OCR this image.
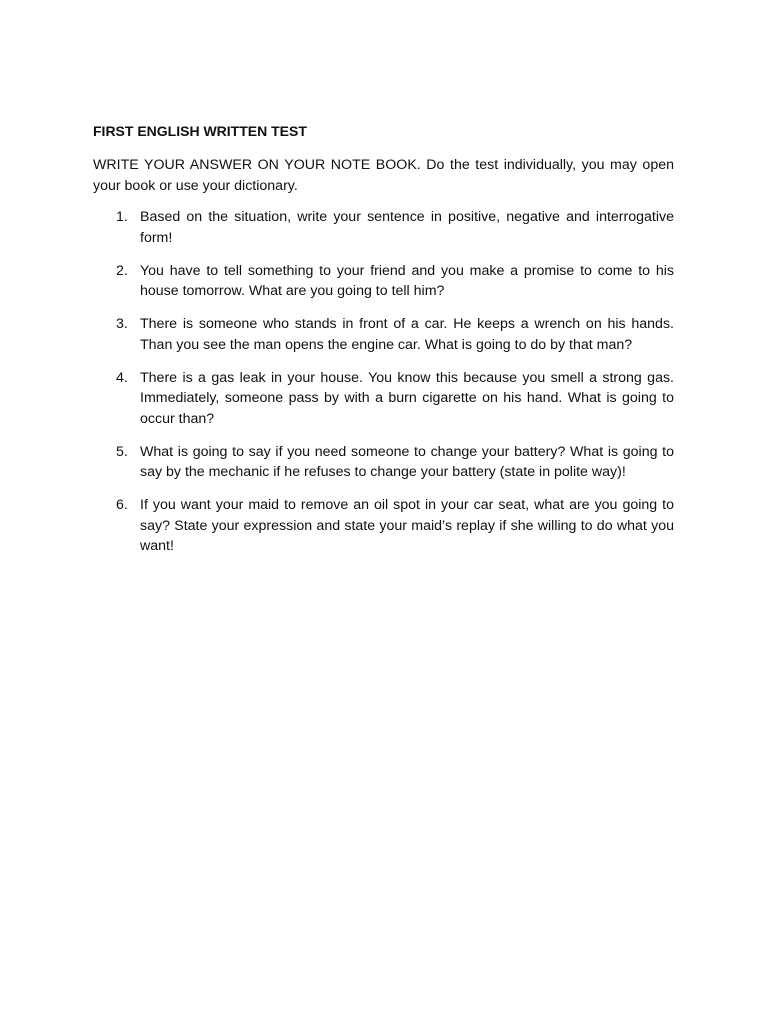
FIRST ENGLISH WRITTEN TEST

WRITE YOUR ANSWER ON YOUR NOTE BOOK. Do the test individually, you may open your book or use your dictionary.

1. Based on the situation, write your sentence in positive, negative and interrogative form!
2. You have to tell something to your friend and you make a promise to come to his house tomorrow. What are you going to tell him?
3. There is someone who stands in front of a car. He keeps a wrench on his hands. Than you see the man opens the engine car. What is going to do by that man?
4. There is a gas leak in your house. You know this because you smell a strong gas. Immediately, someone pass by with a burn cigarette on his hand. What is going to occur than?
5. What is going to say if you need someone to change your battery? What is going to say by the mechanic if he refuses to change your battery (state in polite way)!
6. If you want your maid to remove an oil spot in your car seat, what are you going to say? State your expression and state your maid’s replay if she willing to do what you want!
